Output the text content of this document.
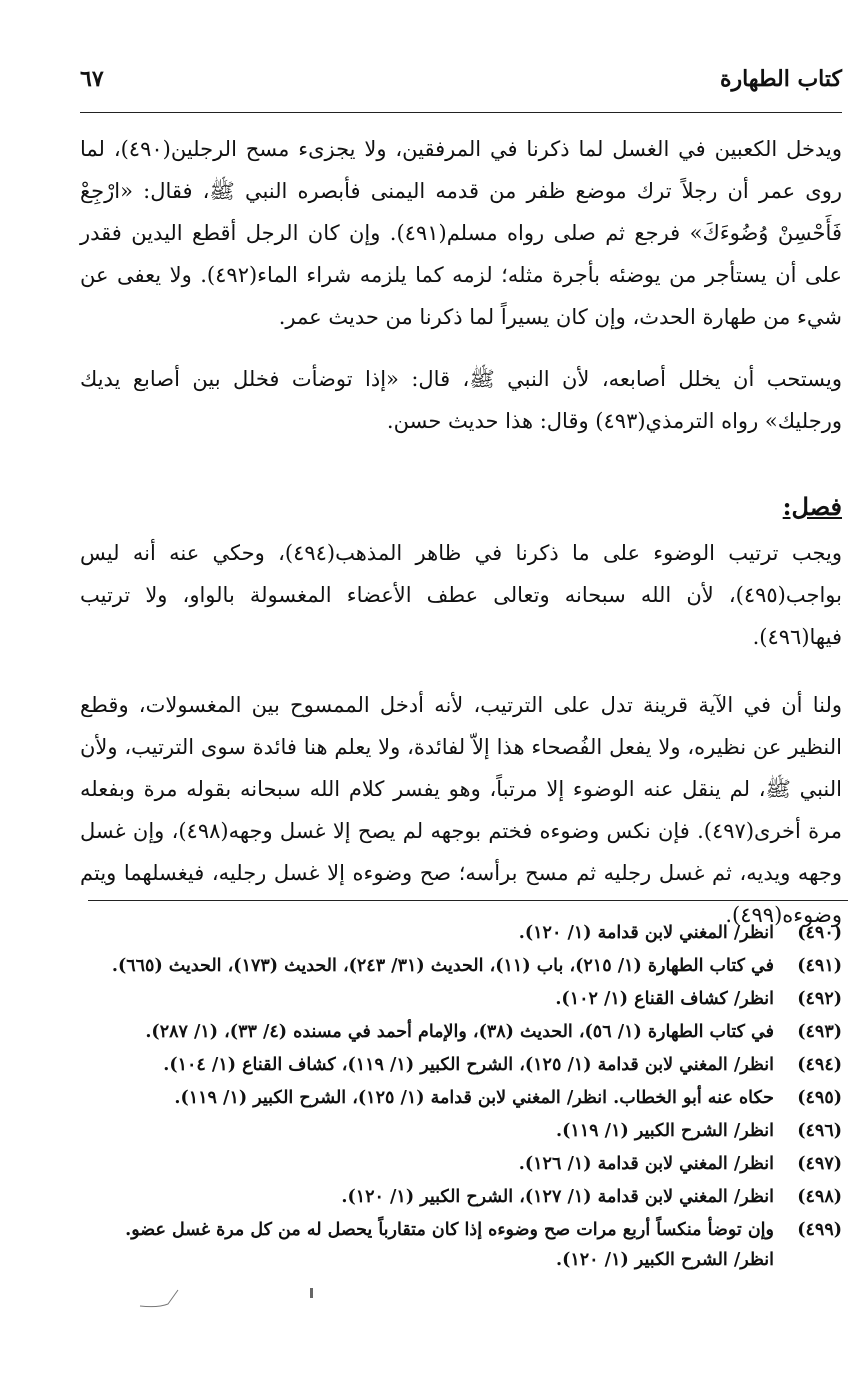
كتاب الطهارة
٦٧

ويدخل الكعبين في الغسل لما ذكرنا في المرفقين، ولا يجزىء مسح الرجلين(٤٩٠)، لما روى عمر أن رجلاً ترك موضع ظفر من قدمه اليمنى فأبصره النبي ﷺ، فقال: «ارْجِعْ فَأَحْسِنْ وُضُوءَكَ» فرجع ثم صلى رواه مسلم(٤٩١). وإن كان الرجل أقطع اليدين فقدر على أن يستأجر من يوضئه بأجرة مثله؛ لزمه كما يلزمه شراء الماء(٤٩٢). ولا يعفى عن شيء من طهارة الحدث، وإن كان يسيراً لما ذكرنا من حديث عمر.

ويستحب أن يخلل أصابعه، لأن النبي ﷺ، قال: «إذا توضأت فخلل بين أصابع يديك ورجليك» رواه الترمذي(٤٩٣) وقال: هذا حديث حسن.

فصل:

ويجب ترتيب الوضوء على ما ذكرنا في ظاهر المذهب(٤٩٤)، وحكي عنه أنه ليس بواجب(٤٩٥)، لأن الله سبحانه وتعالى عطف الأعضاء المغسولة بالواو، ولا ترتيب فيها(٤٩٦).

ولنا أن في الآية قرينة تدل على الترتيب، لأنه أدخل الممسوح بين المغسولات، وقطع النظير عن نظيره، ولا يفعل الفُصحاء هذا إلاّ لفائدة، ولا يعلم هنا فائدة سوى الترتيب، ولأن النبي ﷺ، لم ينقل عنه الوضوء إلا مرتباً، وهو يفسر كلام الله سبحانه بقوله مرة وبفعله مرة أخرى(٤٩٧). فإن نكس وضوءه فختم بوجهه لم يصح إلا غسل وجهه(٤٩٨)، وإن غسل وجهه ويديه، ثم غسل رجليه ثم مسح برأسه؛ صح وضوءه إلا غسل رجليه، فيغسلهما ويتم وضوءه(٤٩٩).

(٤٩٠)
انظر/ المغني لابن قدامة (١/ ١٢٠).
(٤٩١)
في كتاب الطهارة (١/ ٢١٥)، باب (١١)، الحديث (٣١/ ٢٤٣)، الحديث (١٧٣)، الحديث (٦٦٥).
(٤٩٢)
انظر/ كشاف القناع (١/ ١٠٢).
(٤٩٣)
في كتاب الطهارة (١/ ٥٦)، الحديث (٣٨)، والإمام أحمد في مسنده (٤/ ٣٣)، (١/ ٢٨٧).
(٤٩٤)
انظر/ المغني لابن قدامة (١/ ١٢٥)، الشرح الكبير (١/ ١١٩)، كشاف القناع (١/ ١٠٤).
(٤٩٥)
حكاه عنه أبو الخطاب. انظر/ المغني لابن قدامة (١/ ١٢٥)، الشرح الكبير (١/ ١١٩).
(٤٩٦)
انظر/ الشرح الكبير (١/ ١١٩).
(٤٩٧)
انظر/ المغني لابن قدامة (١/ ١٢٦).
(٤٩٨)
انظر/ المغني لابن قدامة (١/ ١٢٧)، الشرح الكبير (١/ ١٢٠).
(٤٩٩)
وإن توضأ منكساً أربع مرات صح وضوءه إذا كان متقارباً يحصل له من كل مرة غسل عضو. انظر/ الشرح الكبير (١/ ١٢٠).
